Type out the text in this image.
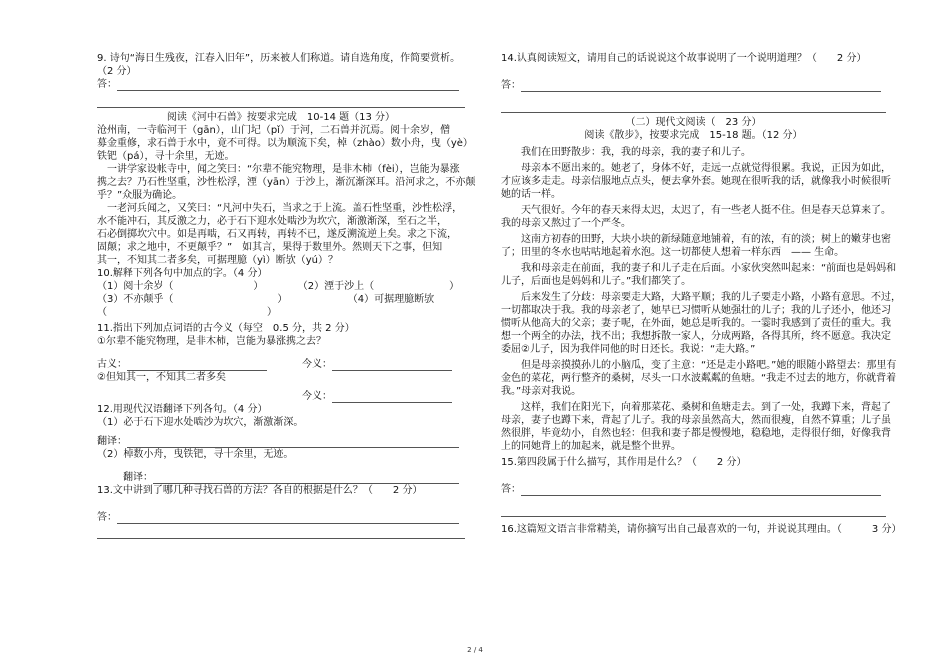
9. 诗句“海日生残夜，江春入旧年”，历来被人们称道。请自选角度，作简要赏析。

（2 分）

答：

阅读《河中石兽》按要求完成　10-14 题（13 分）

沧州南，一寺临河干（gān），山门圮（pǐ）于河，二石兽并沉焉。阅十余岁，僧

募金重修，求石兽于水中，竟不可得。以为顺流下矣，棹（zhào）数小舟，曳（yè）

铁钯（pá），寻十余里，无迹。

　一讲学家设帐寺中，闻之笑曰：“尔辈不能究物理，是非木柿（fèi），岂能为暴涨

携之去？乃石性坚重，沙性松浮，湮（yān）于沙上，渐沉渐深耳。沿河求之，不亦颠

乎？”众服为确论。

　一老河兵闻之，又笑曰：“凡河中失石，当求之于上流。盖石性坚重，沙性松浮，

水不能冲石，其反激之力，必于石下迎水处啮沙为坎穴，渐激渐深，至石之半，

石必倒掷坎穴中。如是再啮，石又再转，再转不已，遂反溯流逆上矣。求之下流，

固颠；求之地中，不更颠乎？”　如其言，果得于数里外。然则天下之事，但知

其一，不知其二者多矣，可据理臆（yì）断欤（yú）？

10.解释下列各句中加点的字。（4 分）

（1）阅十余岁（	）	（2）湮于沙上（	）

（3）不亦颠乎（	）	（4）可据理臆断欤

（	）

11.指出下列加点词语的古今义（每空　0.5 分，共 2 分）

①尔辈不能究物理，是非木柿，岂能为暴涨携之去？

古义：	今义：

②但知其一，不知其二者多矣

今义：

12.用现代汉语翻译下列各句。（4 分）

（1）必于石下迎水处啮沙为坎穴，渐激渐深。

翻译：

（2）棹数小舟，曳铁钯，寻十余里，无迹。

翻译：

13.文中讲到了哪几种寻找石兽的方法？各自的根据是什么？（　　2 分）

答：

14.认真阅读短文，请用自己的话说说这个故事说明了一个说明道理？（　　2 分）

答：

（二）现代文阅读（　23 分）

阅读《散步》，按要求完成　15-18 题。（12 分）

　　我们在田野散步：我，我的母亲，我的妻子和儿子。

　　母亲本不愿出来的。她老了，身体不好，走远一点就觉得很累。我说，正因为如此，

才应该多走走。母亲信服地点点头，便去拿外套。她现在很听我的话，就像我小时候很听

她的话一样。

　　天气很好。今年的春天来得太迟，太迟了，有一些老人挺不住。但是春天总算来了。

我的母亲又熬过了一个严冬。

　　这南方初春的田野，大块小块的新绿随意地铺着，有的浓，有的淡；树上的嫩芽也密

了；田里的冬水也咕咕地起着水泡。这一切都使人想着一样东西　—— 生命。

　　我和母亲走在前面，我的妻子和儿子走在后面。小家伙突然叫起来：“前面也是妈妈和

儿子，后面也是妈妈和儿子。”我们都笑了。

　　后来发生了分歧：母亲要走大路，大路平顺；我的儿子要走小路，小路有意思。不过，

一切都取决于我。我的母亲老了，她早已习惯听从她强壮的儿子；我的儿子还小，他还习

惯听从他高大的父亲；妻子呢，在外面，她总是听我的。一霎时我感到了责任的重大。我

想一个两全的办法，找不出；我想拆散一家人，分成两路，各得其所，终不愿意。我决定

委屈②儿子，因为我伴同他的时日还长。我说：“走大路。”

　　但是母亲摸摸孙儿的小脑瓜，变了主意：“还是走小路吧。”她的眼随小路望去：那里有

金色的菜花，两行整齐的桑树，尽头一口水波粼粼的鱼塘。“我走不过去的地方，你就背着

我。”母亲对我说。

　　这样，我们在阳光下，向着那菜花、桑树和鱼塘走去。到了一处，我蹲下来，背起了

母亲，妻子也蹲下来，背起了儿子。我的母亲虽然高大，然而很瘦，自然不算重；儿子虽

然很胖，毕竟幼小，自然也轻：但我和妻子都是慢慢地，稳稳地，走得很仔细，好像我背

上的同她背上的加起来，就是整个世界。

15.第四段属于什么描写，其作用是什么？（　　2 分）

答：

16.这篇短文语言非常精美，请你摘写出自己最喜欢的一句，并说说其理由。（　　　3 分）

2 / 4
